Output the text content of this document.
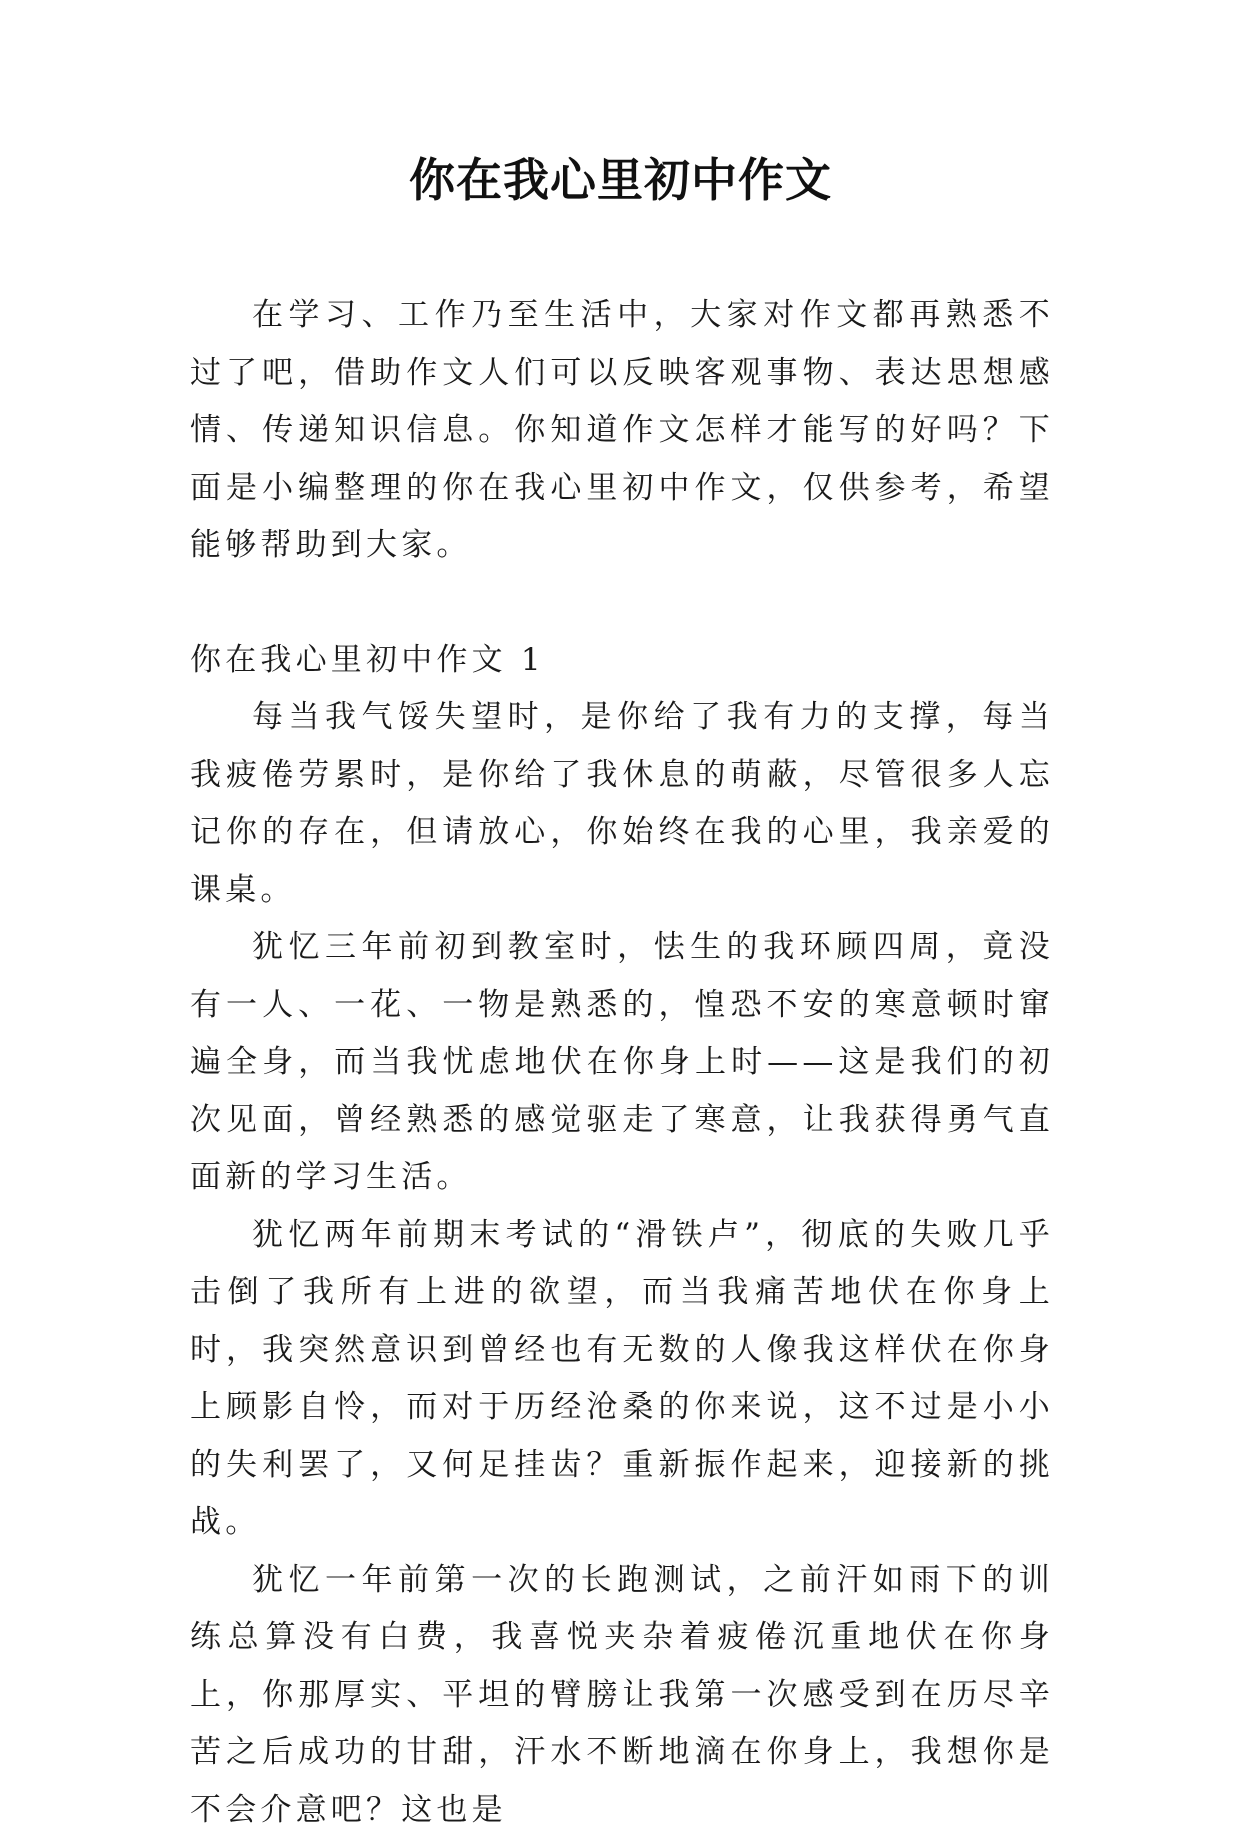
你在我心里初中作文

在学习、工作乃至生活中，大家对作文都再熟悉不过了吧，借助作文人们可以反映客观事物、表达思想感情、传递知识信息。你知道作文怎样才能写的好吗？下面是小编整理的你在我心里初中作文，仅供参考，希望能够帮助到大家。

你在我心里初中作文 1

每当我气馁失望时，是你给了我有力的支撑，每当我疲倦劳累时，是你给了我休息的萌蔽，尽管很多人忘记你的存在，但请放心，你始终在我的心里，我亲爱的课桌。

犹忆三年前初到教室时，怯生的我环顾四周，竟没有一人、一花、一物是熟悉的，惶恐不安的寒意顿时窜遍全身，而当我忧虑地伏在你身上时——这是我们的初次见面，曾经熟悉的感觉驱走了寒意，让我获得勇气直面新的学习生活。

犹忆两年前期末考试的“滑铁卢”，彻底的失败几乎击倒了我所有上进的欲望，而当我痛苦地伏在你身上时，我突然意识到曾经也有无数的人像我这样伏在你身上顾影自怜，而对于历经沧桑的你来说，这不过是小小的失利罢了，又何足挂齿？重新振作起来，迎接新的挑战。

犹忆一年前第一次的长跑测试，之前汗如雨下的训练总算没有白费，我喜悦夹杂着疲倦沉重地伏在你身上，你那厚实、平坦的臂膀让我第一次感受到在历尽辛苦之后成功的甘甜，汗水不断地滴在你身上，我想你是不会介意吧？这也是
